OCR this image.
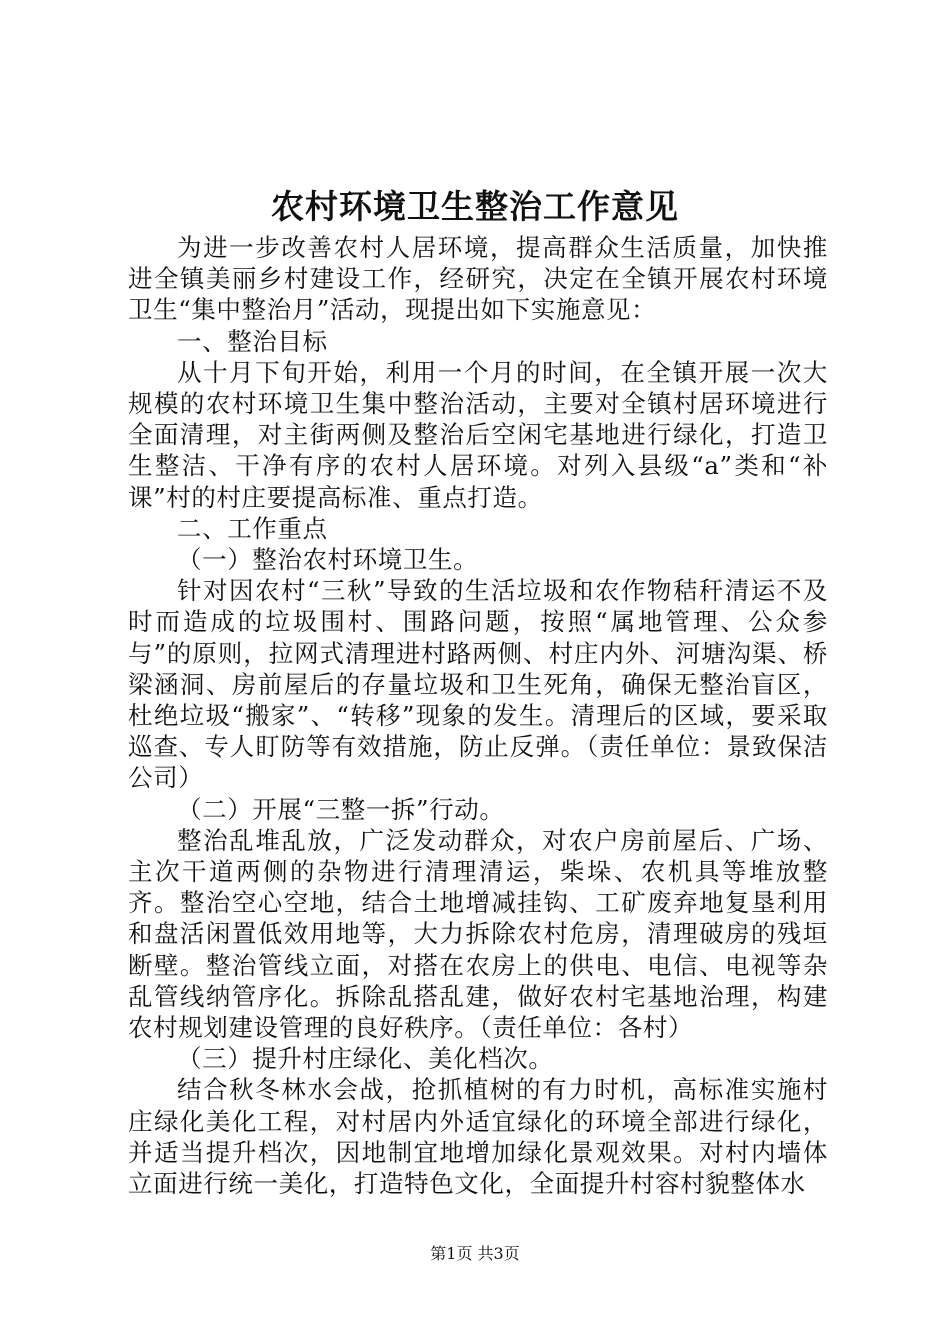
农村环境卫生整治工作意见

为进一步改善农村人居环境，提高群众生活质量，加快推进全镇美丽乡村建设工作，经研究，决定在全镇开展农村环境卫生“集中整治月”活动，现提出如下实施意见：

一、整治目标

从十月下旬开始，利用一个月的时间，在全镇开展一次大规模的农村环境卫生集中整治活动，主要对全镇村居环境进行全面清理，对主街两侧及整治后空闲宅基地进行绿化，打造卫生整洁、干净有序的农村人居环境。对列入县级“a”类和“补课”村的村庄要提高标准、重点打造。

二、工作重点

（一）整治农村环境卫生。

针对因农村“三秋”导致的生活垃圾和农作物秸秆清运不及时而造成的垃圾围村、围路问题，按照“属地管理、公众参与”的原则，拉网式清理进村路两侧、村庄内外、河塘沟渠、桥梁涵洞、房前屋后的存量垃圾和卫生死角，确保无整治盲区，杜绝垃圾“搬家”、“转移”现象的发生。清理后的区域，要采取巡查、专人盯防等有效措施，防止反弹。（责任单位：景致保洁公司）

（二）开展“三整一拆”行动。

整治乱堆乱放，广泛发动群众，对农户房前屋后、广场、主次干道两侧的杂物进行清理清运，柴垛、农机具等堆放整齐。整治空心空地，结合土地增减挂钩、工矿废弃地复垦利用和盘活闲置低效用地等，大力拆除农村危房，清理破房的残垣断壁。整治管线立面，对搭在农房上的供电、电信、电视等杂乱管线纳管序化。拆除乱搭乱建，做好农村宅基地治理，构建农村规划建设管理的良好秩序。（责任单位：各村）

（三）提升村庄绿化、美化档次。

结合秋冬林水会战，抢抓植树的有力时机，高标准实施村庄绿化美化工程，对村居内外适宜绿化的环境全部进行绿化，并适当提升档次，因地制宜地增加绿化景观效果。对村内墙体立面进行统一美化，打造特色文化，全面提升村容村貌整体水

第1页 共3页
